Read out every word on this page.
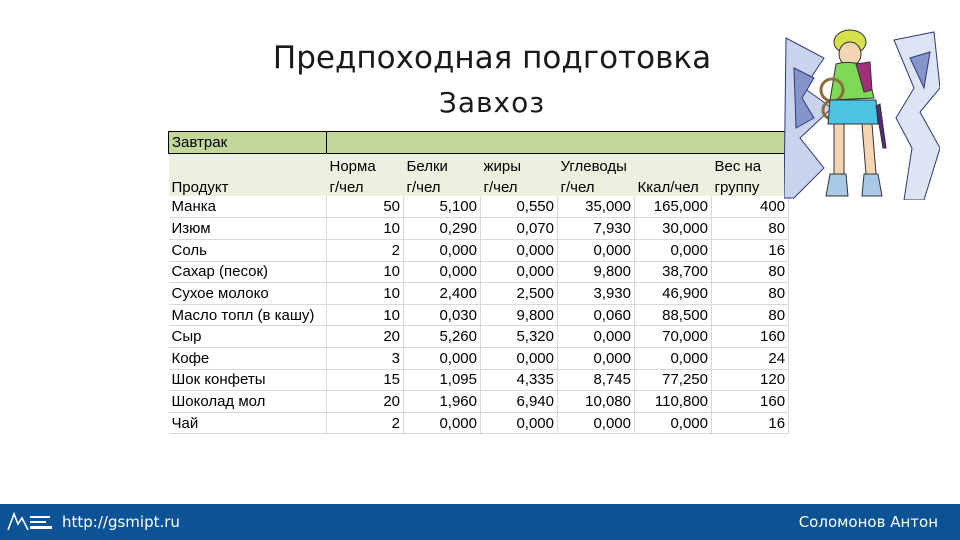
Предпоходная подготовка
Завхоз
Завтрак						
	Норма	Белки	жиры	Углеводы		Вес на
Продукт	г/чел	г/чел	г/чел	г/чел	Ккал/чел	группу
Манка	50	5,100	0,550	35,000	165,000	400
Изюм	10	0,290	0,070	7,930	30,000	80
Соль	2	0,000	0,000	0,000	0,000	16
Сахар (песок)	10	0,000	0,000	9,800	38,700	80
Сухое молоко	10	2,400	2,500	3,930	46,900	80
Масло топл (в кашу)	10	0,030	9,800	0,060	88,500	80
Сыр	20	5,260	5,320	0,000	70,000	160
Кофе	3	0,000	0,000	0,000	0,000	24
Шок конфеты	15	1,095	4,335	8,745	77,250	120
Шоколад мол	20	1,960	6,940	10,080	110,800	160
Чай	2	0,000	0,000	0,000	0,000	16
http://gsmipt.ru	Соломонов Антон
